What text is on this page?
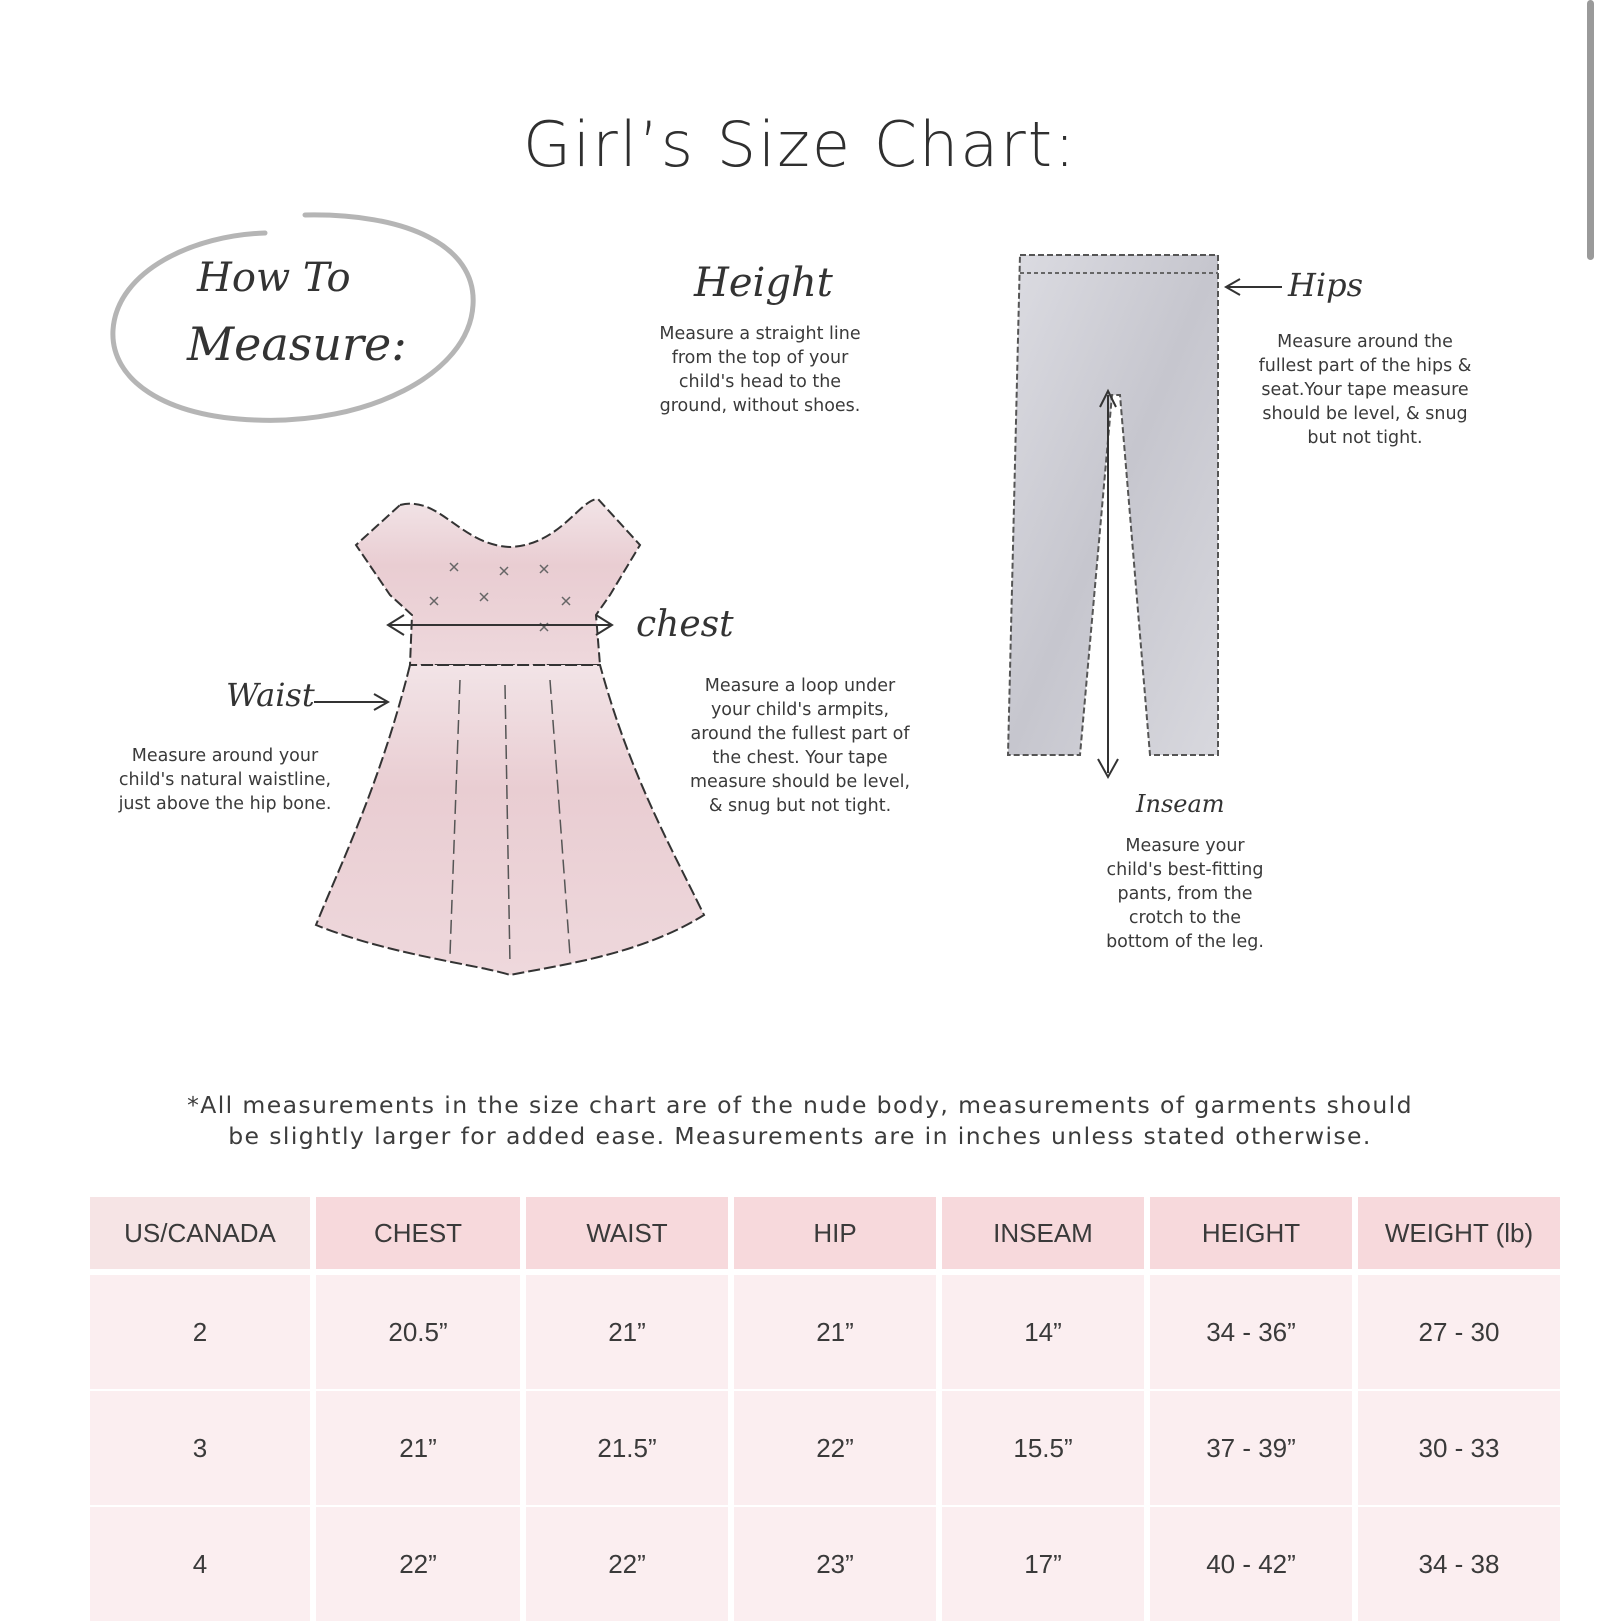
Girl’s Size Chart:
How To
Measure:
Height
Measure a straight line
from the top of your
child's head to the
ground, without shoes.
Hips
Measure around the
fullest part of the hips &
seat.Your tape measure
should be level, & snug
but not tight.
Inseam
Measure your
child's best-fitting
pants, from the
crotch to the
bottom of the leg.
chest
Measure a loop under
your child's armpits,
around the fullest part of
the chest. Your tape
measure should be level,
& snug but not tight.
Waist
Measure around your
child's natural waistline,
just above the hip bone.
*All measurements in the size chart are of the nude body, measurements of garments should
be slightly larger for added ease. Measurements are in inches unless stated otherwise.
US/CANADA	CHEST	WAIST	HIP	INSEAM	HEIGHT	WEIGHT (lb)
2	20.5”	21”	21”	14”	34 - 36”	27 - 30
3	21”	21.5”	22”	15.5”	37 - 39”	30 - 33
4	22”	22”	23”	17”	40 - 42”	34 - 38
